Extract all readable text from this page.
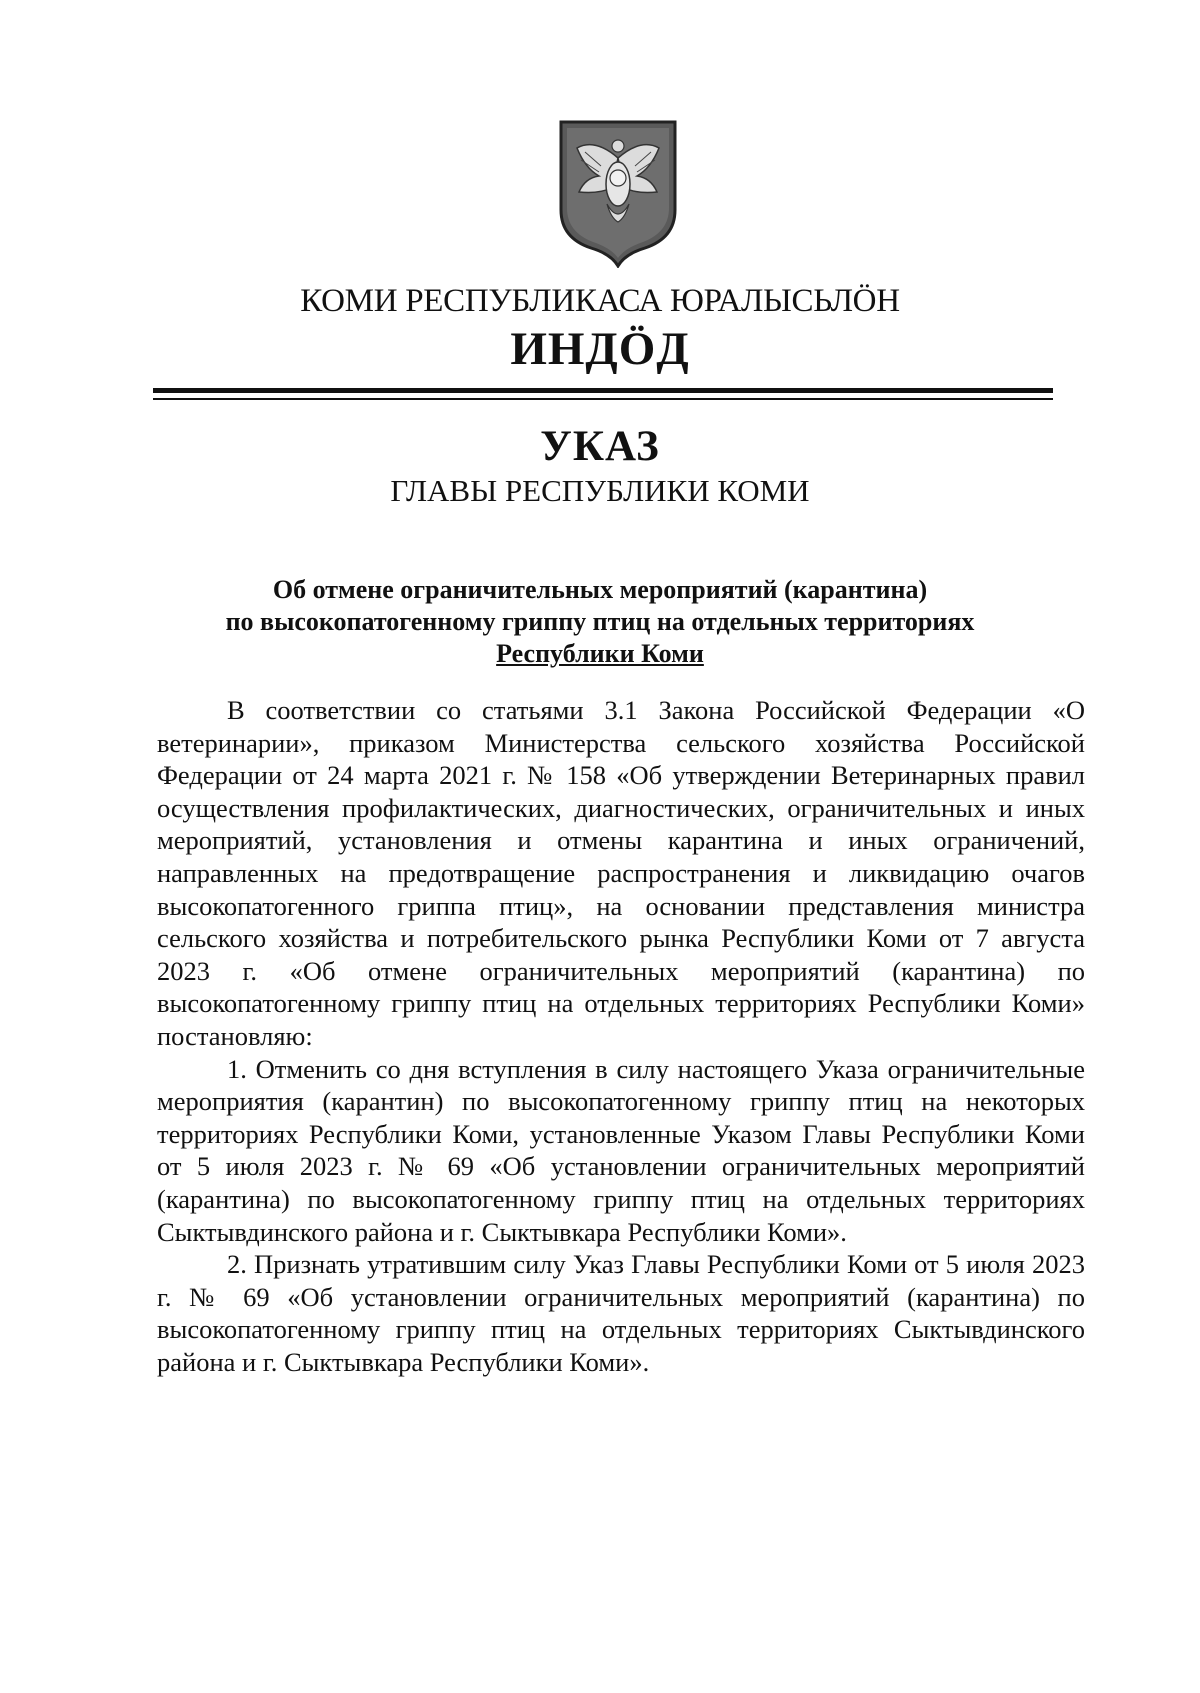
КОМИ РЕСПУБЛИКАСА ЮРАЛЫСЬЛӦН
ИНДӦД
УКАЗ
ГЛАВЫ РЕСПУБЛИКИ КОМИ
Об отмене ограничительных мероприятий (карантина)
по высокопатогенному гриппу птиц на отдельных территориях
Республики Коми

В соответствии со статьями 3.1 Закона Российской Федерации «О ветеринарии», приказом Министерства сельского хозяйства Российской Федерации от 24 марта 2021 г. № 158 «Об утверждении Ветеринарных правил осуществления профилактических, диагностических, ограничительных и иных мероприятий, установления и отмены карантина и иных ограничений, направленных на предотвращение распространения и ликвидацию очагов высокопатогенного гриппа птиц», на основании представления министра сельского хозяйства и потребительского рынка Республики Коми от 7 августа 2023 г. «Об отмене ограничительных мероприятий (карантина) по высокопатогенному гриппу птиц на отдельных территориях Республики Коми» постановляю:

1. Отменить со дня вступления в силу настоящего Указа ограничительные мероприятия (карантин) по высокопатогенному гриппу птиц на некоторых территориях Республики Коми, установленные Указом Главы Республики Коми от 5 июля 2023 г. № 69 «Об установлении ограничительных мероприятий (карантина) по высокопатогенному гриппу птиц на отдельных территориях Сыктывдинского района и г. Сыктывкара Республики Коми».

2. Признать утратившим силу Указ Главы Республики Коми от 5 июля 2023 г. № 69 «Об установлении ограничительных мероприятий (карантина) по высокопатогенному гриппу птиц на отдельных территориях Сыктывдинского района и г. Сыктывкара Республики Коми».
